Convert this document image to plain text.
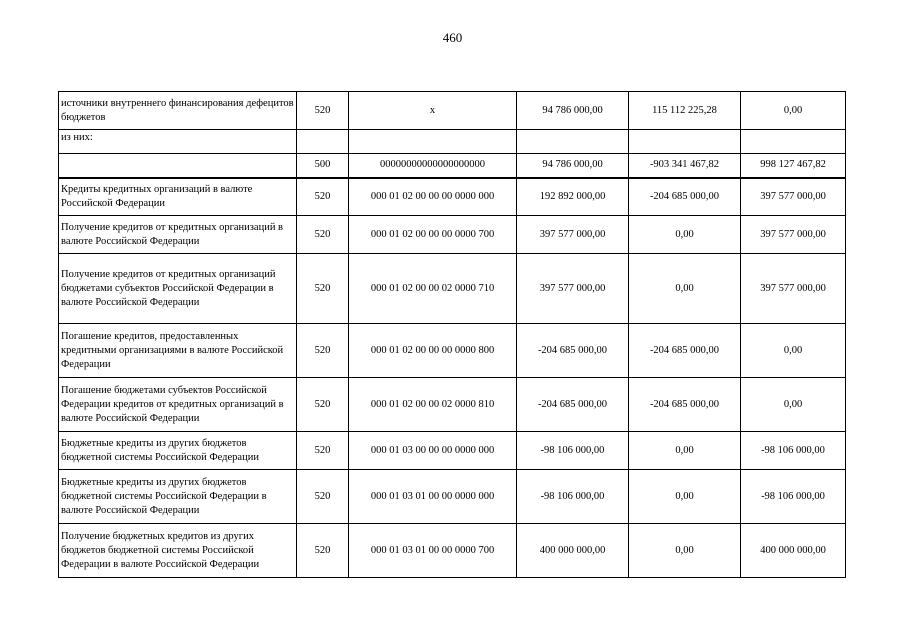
460
источники внутреннего финансирования дефецитов бюджетов	520	x	94 786 000,00	115 112 225,28	0,00
из них:					
	500	00000000000000000000	94 786 000,00	-903 341 467,82	998 127 467,82
Кредиты кредитных организаций в валюте Российской Федерации	520	000 01 02 00 00 00 0000 000	192 892 000,00	-204 685 000,00	397 577 000,00
Получение кредитов от кредитных организаций в валюте Российской Федерации	520	000 01 02 00 00 00 0000 700	397 577 000,00	0,00	397 577 000,00
Получение кредитов от кредитных организаций бюджетами субъектов Российской Федерации в валюте Российской Федерации	520	000 01 02 00 00 02 0000 710	397 577 000,00	0,00	397 577 000,00
Погашение кредитов, предоставленных кредитными организациями в валюте Российской Федерации	520	000 01 02 00 00 00 0000 800	-204 685 000,00	-204 685 000,00	0,00
Погашение бюджетами субъектов Российской Федерации кредитов от кредитных организаций в валюте Российской Федерации	520	000 01 02 00 00 02 0000 810	-204 685 000,00	-204 685 000,00	0,00
Бюджетные кредиты из других бюджетов бюджетной системы Российской Федерации	520	000 01 03 00 00 00 0000 000	-98 106 000,00	0,00	-98 106 000,00
Бюджетные кредиты из других бюджетов бюджетной системы Российской Федерации в валюте Российской Федерации	520	000 01 03 01 00 00 0000 000	-98 106 000,00	0,00	-98 106 000,00
Получение бюджетных кредитов из других бюджетов бюджетной системы Российской Федерации в валюте Российской Федерации	520	000 01 03 01 00 00 0000 700	400 000 000,00	0,00	400 000 000,00
